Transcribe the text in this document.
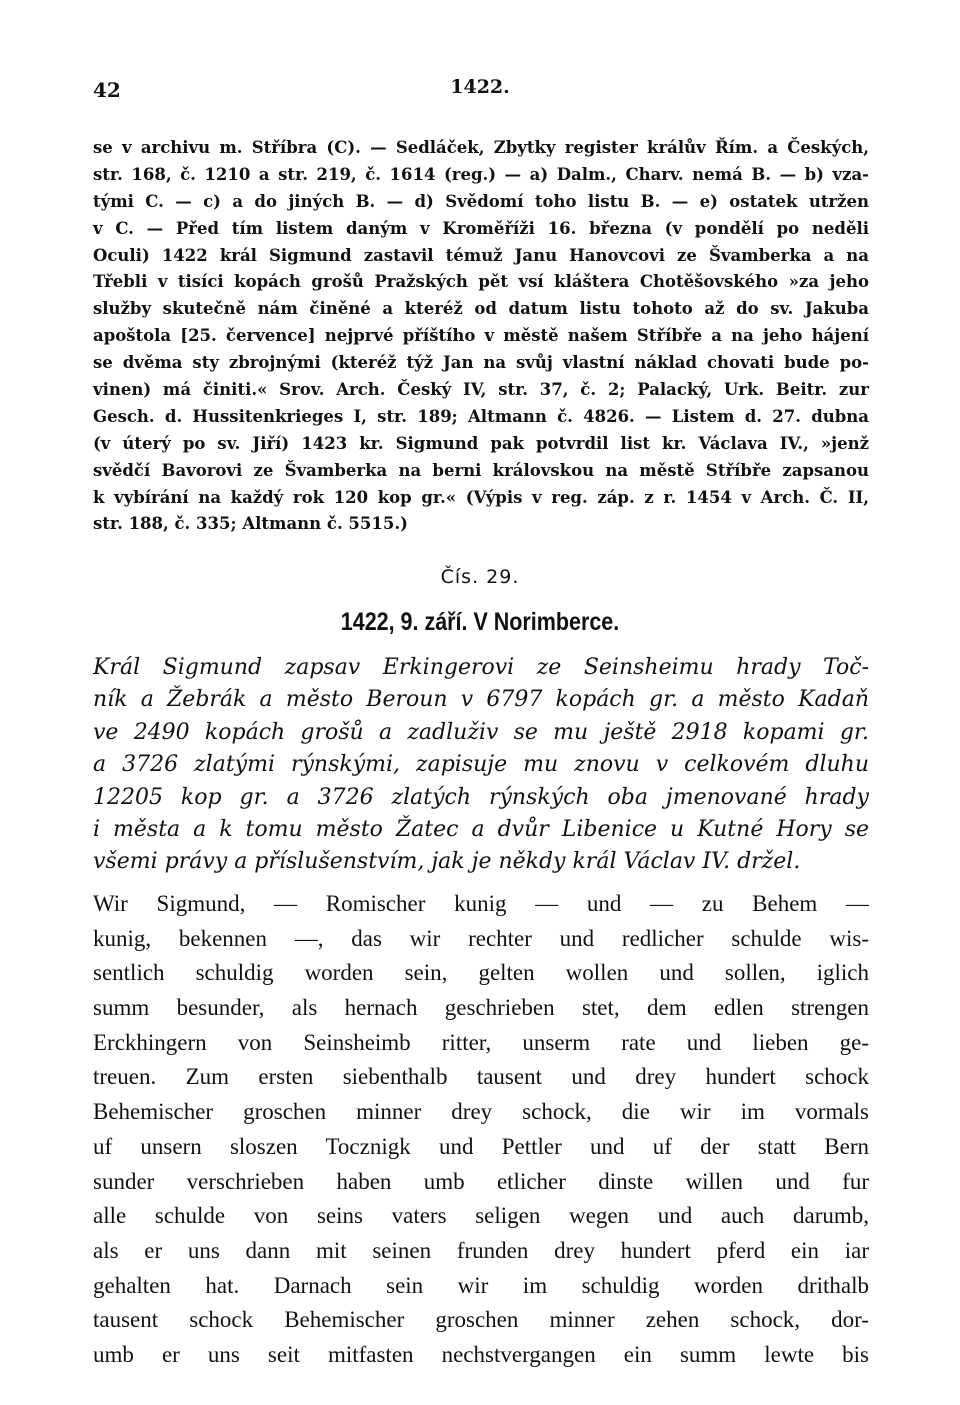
42	1422.
se v archivu m. Stříbra (C). — Sedláček, Zbytky register králův Řím. a Českých,
str. 168, č. 1210 a str. 219, č. 1614 (reg.) — a) Dalm., Charv. nemá B. — b) vza-
tými C. — c) a do jiných B. — d) Svědomí toho listu B. — e) ostatek utržen
v C. — Před tím listem daným v Kroměříži 16. března (v pondělí po neděli
Oculi) 1422 král Sigmund zastavil témuž Janu Hanovcovi ze Švamberka a na
Třebli v tisíci kopách grošů Pražských pět vsí kláštera Chotěšovského »za jeho
služby skutečně nám činěné a kteréž od datum listu tohoto až do sv. Jakuba
apoštola [25. července] nejprvé příštího v městě našem Stříbře a na jeho hájení
se dvěma sty zbrojnými (kteréž týž Jan na svůj vlastní náklad chovati bude po-
vinen) má činiti.« Srov. Arch. Český IV, str. 37, č. 2; Palacký, Urk. Beitr. zur
Gesch. d. Hussitenkrieges I, str. 189; Altmann č. 4826. — Listem d. 27. dubna
(v úterý po sv. Jiří) 1423 kr. Sigmund pak potvrdil list kr. Václava IV., »jenž
svědčí Bavorovi ze Švamberka na berni královskou na městě Stříbře zapsanou
k vybírání na každý rok 120 kop gr.« (Výpis v reg. záp. z r. 1454 v Arch. Č. II,
str. 188, č. 335; Altmann č. 5515.)
Čís. 29.
1422, 9. září. V Norimberce.
Král Sigmund zapsav Erkingerovi ze Seinsheimu hrady Toč-
ník a Žebrák a město Beroun v 6797 kopách gr. a město Kadaň
ve 2490 kopách grošů a zadluživ se mu ještě 2918 kopami gr.
a 3726 zlatými rýnskými, zapisuje mu znovu v celkovém dluhu
12205 kop gr. a 3726 zlatých rýnských oba jmenované hrady
i města a k tomu město Žatec a dvůr Libenice u Kutné Hory se
všemi právy a příslušenstvím, jak je někdy král Václav IV. držel.
Wir Sigmund, — Romischer kunig — und — zu Behem —
kunig, bekennen —, das wir rechter und redlicher schulde wis-
sentlich schuldig worden sein, gelten wollen und sollen, iglich
summ besunder, als hernach geschrieben stet, dem edlen strengen
Erckhingern von Seinsheimb ritter, unserm rate und lieben ge-
treuen. Zum ersten siebenthalb tausent und drey hundert schock
Behemischer groschen minner drey schock, die wir im vormals
uf unsern sloszen Tocznigk und Pettler und uf der statt Bern
sunder verschrieben haben umb etlicher dinste willen und fur
alle schulde von seins vaters seligen wegen und auch darumb,
als er uns dann mit seinen frunden drey hundert pferd ein iar
gehalten hat. Darnach sein wir im schuldig worden drithalb
tausent schock Behemischer groschen minner zehen schock, dor-
umb er uns seit mitfasten nechstvergangen ein summ lewte bis
